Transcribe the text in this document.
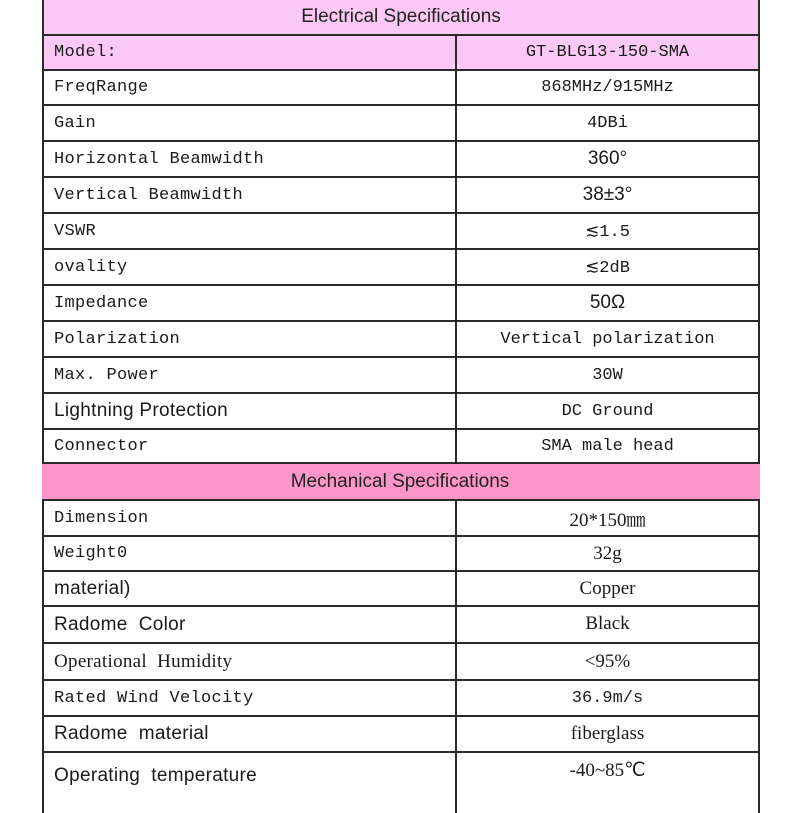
Electrical Specifications
Model:	GT-BLG13-150-SMA
FreqRange	868MHz/915MHz
Gain	4DBi
Horizontal Beamwidth	360°
Vertical Beamwidth	38±3°
VSWR	≲1.5
ovality	≲2dB
Impedance	50Ω
Polarization	Vertical polarization
Max. Power	30W
Lightning Protection	DC Ground
Connector	SMA male head
Mechanical Specifications
Dimension	20*150㎜
Weight0	32g
material)	Copper
Radome  Color	Black
Operational  Humidity	<95%
Rated Wind Velocity	36.9m/s
Radome  material	fiberglass
Operating  temperature	-40~85℃
